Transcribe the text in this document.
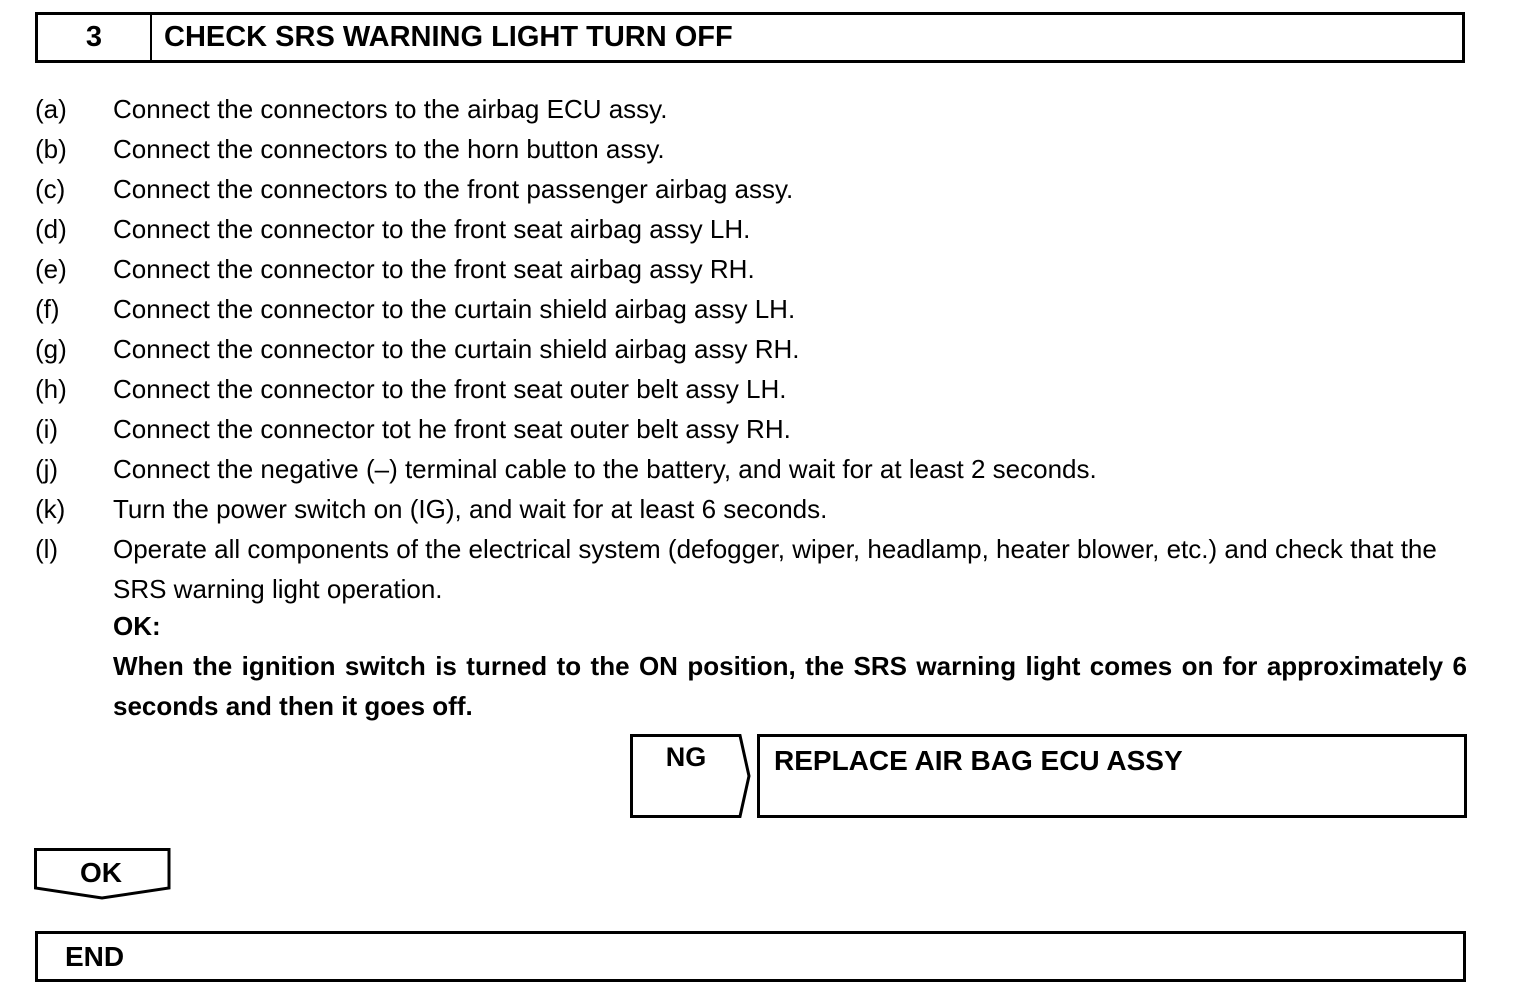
3	CHECK SRS WARNING LIGHT TURN OFF
(a)	Connect the connectors to the airbag ECU assy.
(b)	Connect the connectors to the horn button assy.
(c)	Connect the connectors to the front passenger airbag assy.
(d)	Connect the connector to the front seat airbag assy LH.
(e)	Connect the connector to the front seat airbag assy RH.
(f)	Connect the connector to the curtain shield airbag assy LH.
(g)	Connect the connector to the curtain shield airbag assy RH.
(h)	Connect the connector to the front seat outer belt assy LH.
(i)	Connect the connector tot he front seat outer belt assy RH.
(j)	Connect the negative (–) terminal cable to the battery, and wait for at least 2 seconds.
(k)	Turn the power switch on (IG), and wait for at least 6 seconds.
(l)	Operate all components of the electrical system (defogger, wiper, headlamp, heater blower, etc.) and check that the SRS warning light operation.
OK:
When the ignition switch is turned to the ON position, the SRS warning light comes on for approximately 6 seconds and then it goes off.
NG	REPLACE AIR BAG ECU ASSY
OK
END
